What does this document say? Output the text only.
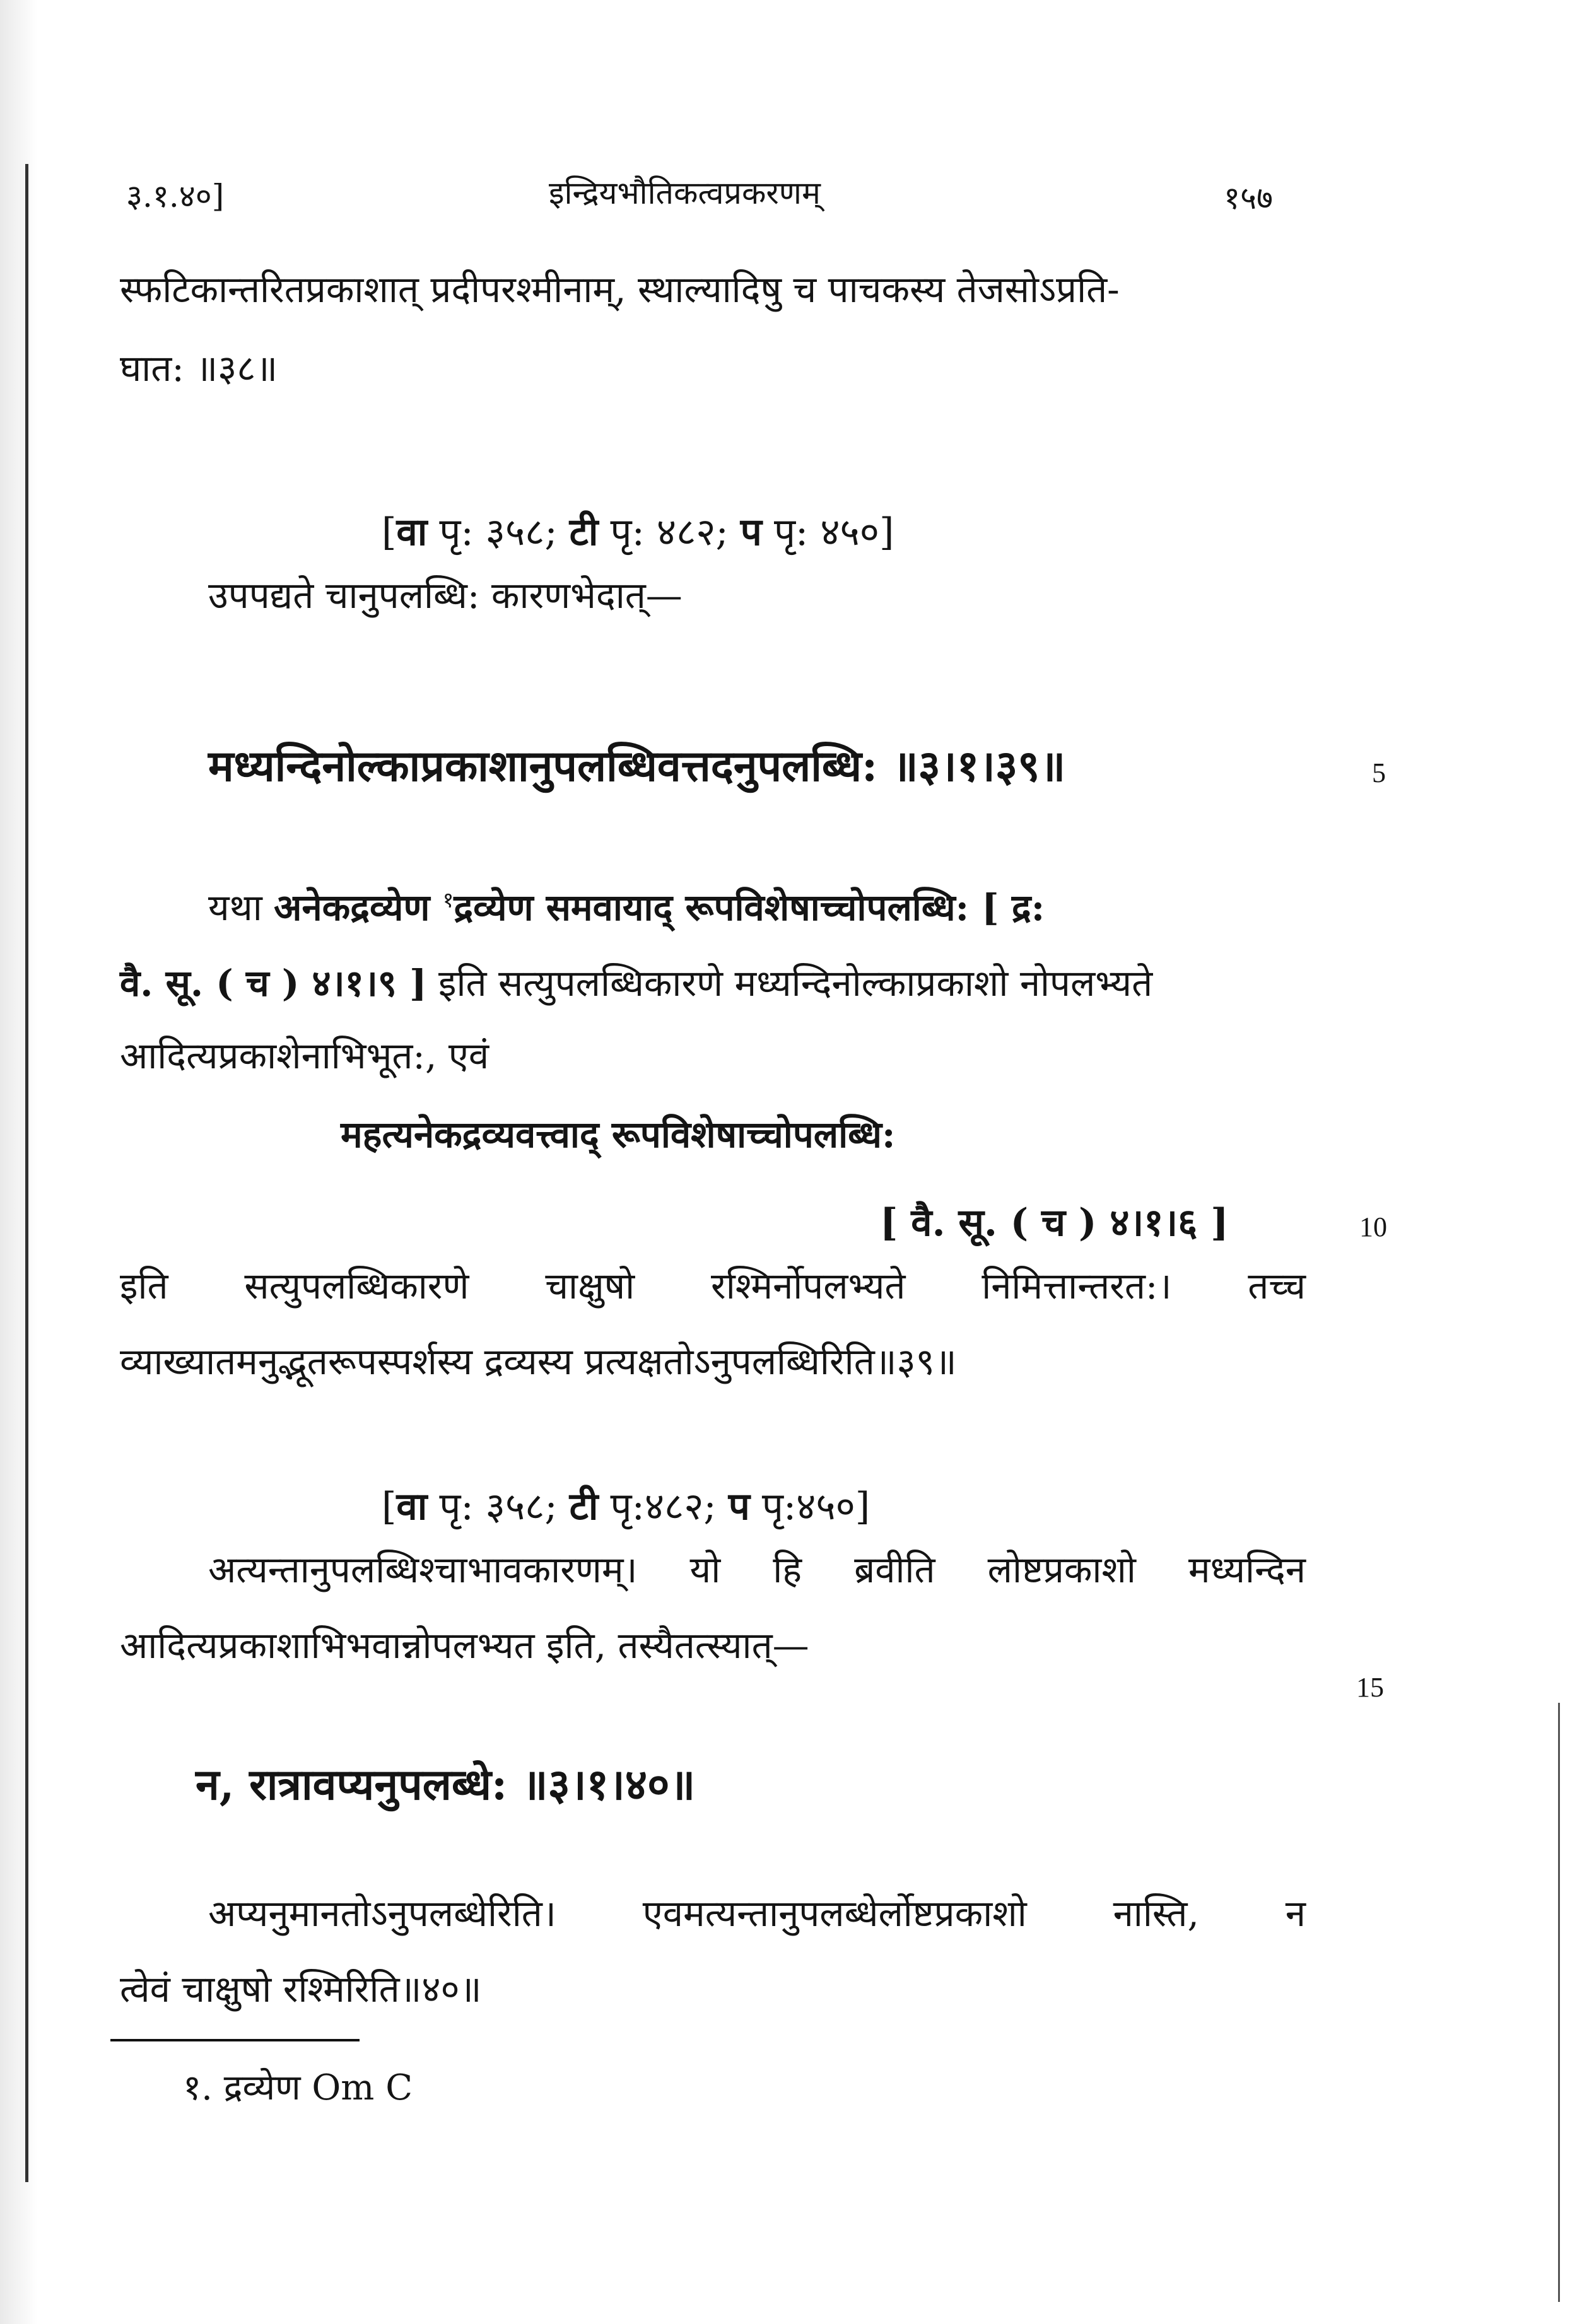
३.१.४०]	इन्द्रियभौतिकत्वप्रकरणम्	१५७
स्फटिकान्तरितप्रकाशात् प्रदीपरश्मीनाम्, स्थाल्यादिषु च पाचकस्य तेजसोऽप्रति-
घात: ॥३८॥
[वा पृ: ३५८; टी पृ: ४८२; प पृ: ४५०]
उपपद्यते चानुपलब्धि: कारणभेदात्—
मध्यन्दिनोल्काप्रकाशानुपलब्धिवत्तदनुपलब्धि: ॥३।१।३९॥	5
यथा अनेकद्रव्येण $^१$द्रव्येण समवायाद् रूपविशेषाच्चोपलब्धि: [ द्र:
वै. सू. ( च ) ४।१।९ ] इति सत्युपलब्धिकारणे मध्यन्दिनोल्काप्रकाशो नोपलभ्यते
आदित्यप्रकाशेनाभिभूत:, एवं
महत्यनेकद्रव्यवत्त्वाद् रूपविशेषाच्चोपलब्धि:
[ वै. सू. ( च ) ४।१।६ ]	10
इति सत्युपलब्धिकारणे चाक्षुषो रश्मिर्नोपलभ्यते निमित्तान्तरत:। तच्च
व्याख्यातमनुद्भूतरूपस्पर्शस्य द्रव्यस्य प्रत्यक्षतोऽनुपलब्धिरिति॥३९॥
[वा पृ: ३५८; टी पृ:४८२; प पृ:४५०]
अत्यन्तानुपलब्धिश्चाभावकारणम्। यो हि ब्रवीति लोष्टप्रकाशो मध्यन्दिन
आदित्यप्रकाशाभिभवान्नोपलभ्यत इति, तस्यैतत्स्यात्—
15
न, रात्रावप्यनुपलब्धे: ॥३।१।४०॥
अप्यनुमानतोऽनुपलब्धेरिति। एवमत्यन्तानुपलब्धेर्लोष्टप्रकाशो नास्ति, न
त्वेवं चाक्षुषो रश्मिरिति॥४०॥
१. द्रव्येण Om C
